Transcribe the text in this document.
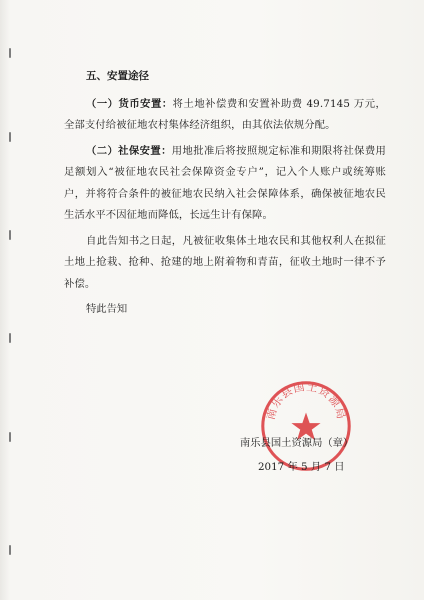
五、安置途径

（一）货币安置：将土地补偿费和安置补助费 49.7145 万元，全部支付给被征地农村集体经济组织，由其依法依规分配。

（二）社保安置：用地批准后将按照规定标准和期限将社保费用足额划入“被征地农民社会保障资金专户”，记入个人账户或统筹账户，并将符合条件的被征地农民纳入社会保障体系，确保被征地农民生活水平不因征地而降低，长远生计有保障。

自此告知书之日起，凡被征收集体土地农民和其他权利人在拟征土地上抢栽、抢种、抢建的地上附着物和青苗，征收土地时一律不予补偿。

特此告知
南乐县国土资源局
南乐县国土资源局（章）
2017 年 5 月 7 日
